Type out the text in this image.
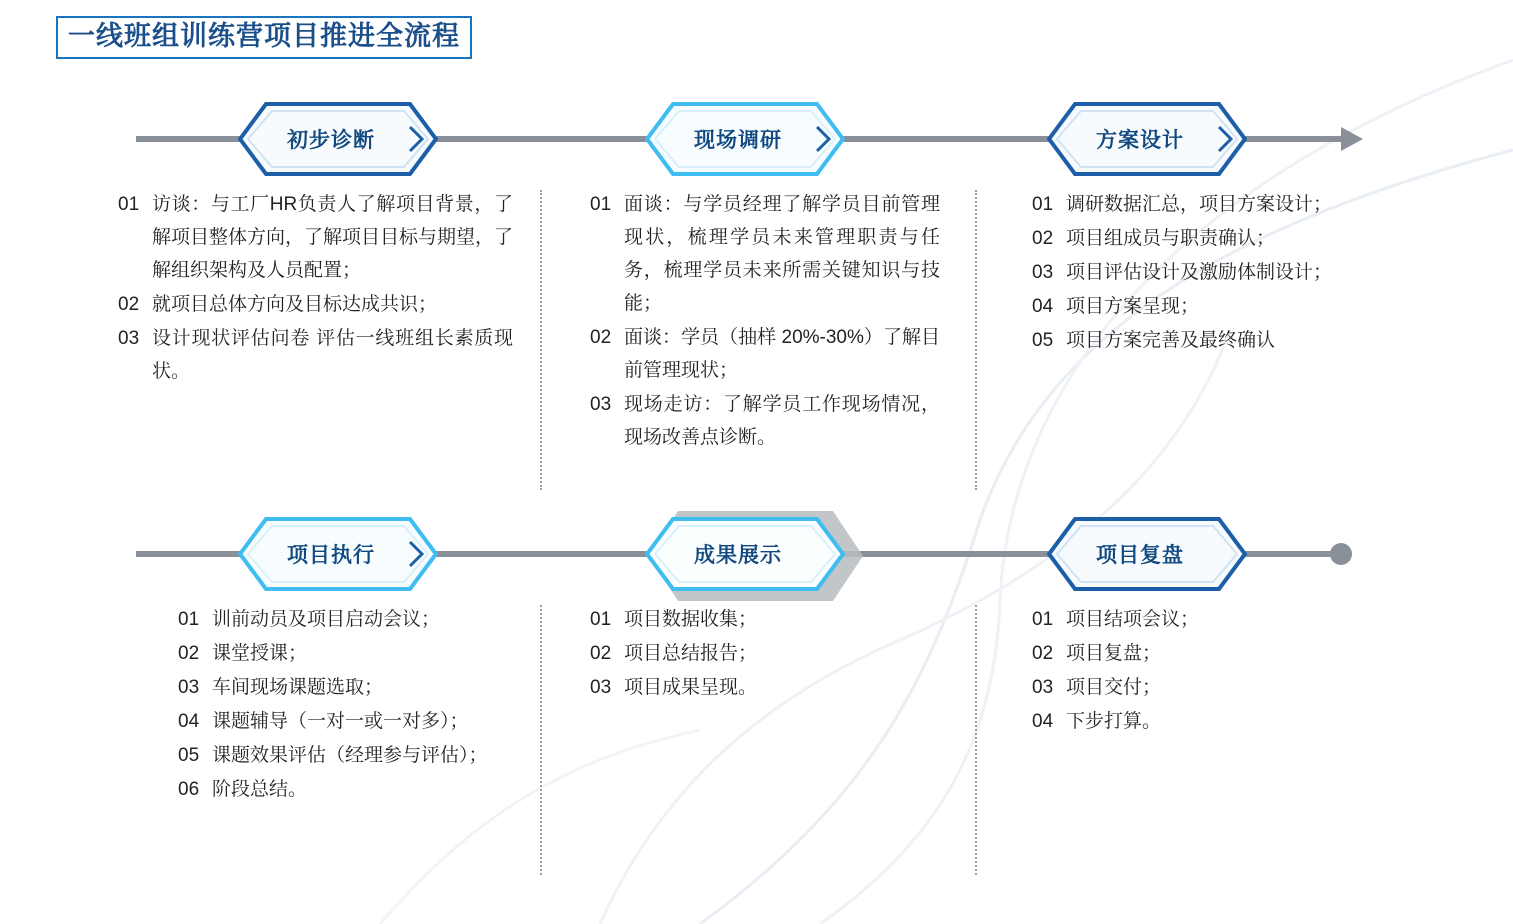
一线班组训练营项目推进全流程
初步诊断	现场调研	方案设计
01 访谈：与工厂HR负责人了解项目背景，了解项目整体方向，了解项目目标与期望，了解组织架构及人员配置；
02 就项目总体方向及目标达成共识；
03 设计现状评估问卷 评估一线班组长素质现状。
01 面谈：与学员经理了解学员目前管理现状，梳理学员未来管理职责与任务，梳理学员未来所需关键知识与技能；
02 面谈：学员（抽样 20%-30%）了解目前管理现状；
03 现场走访：了解学员工作现场情况，现场改善点诊断。
01 调研数据汇总，项目方案设计；
02 项目组成员与职责确认；
03 项目评估设计及激励体制设计；
04 项目方案呈现；
05 项目方案完善及最终确认
项目执行	成果展示	项目复盘
01 训前动员及项目启动会议；
02 课堂授课；
03 车间现场课题选取；
04 课题辅导（一对一或一对多）；
05 课题效果评估（经理参与评估）；
06 阶段总结。
01 项目数据收集；
02 项目总结报告；
03 项目成果呈现。
01 项目结项会议；
02 项目复盘；
03 项目交付；
04 下步打算。
